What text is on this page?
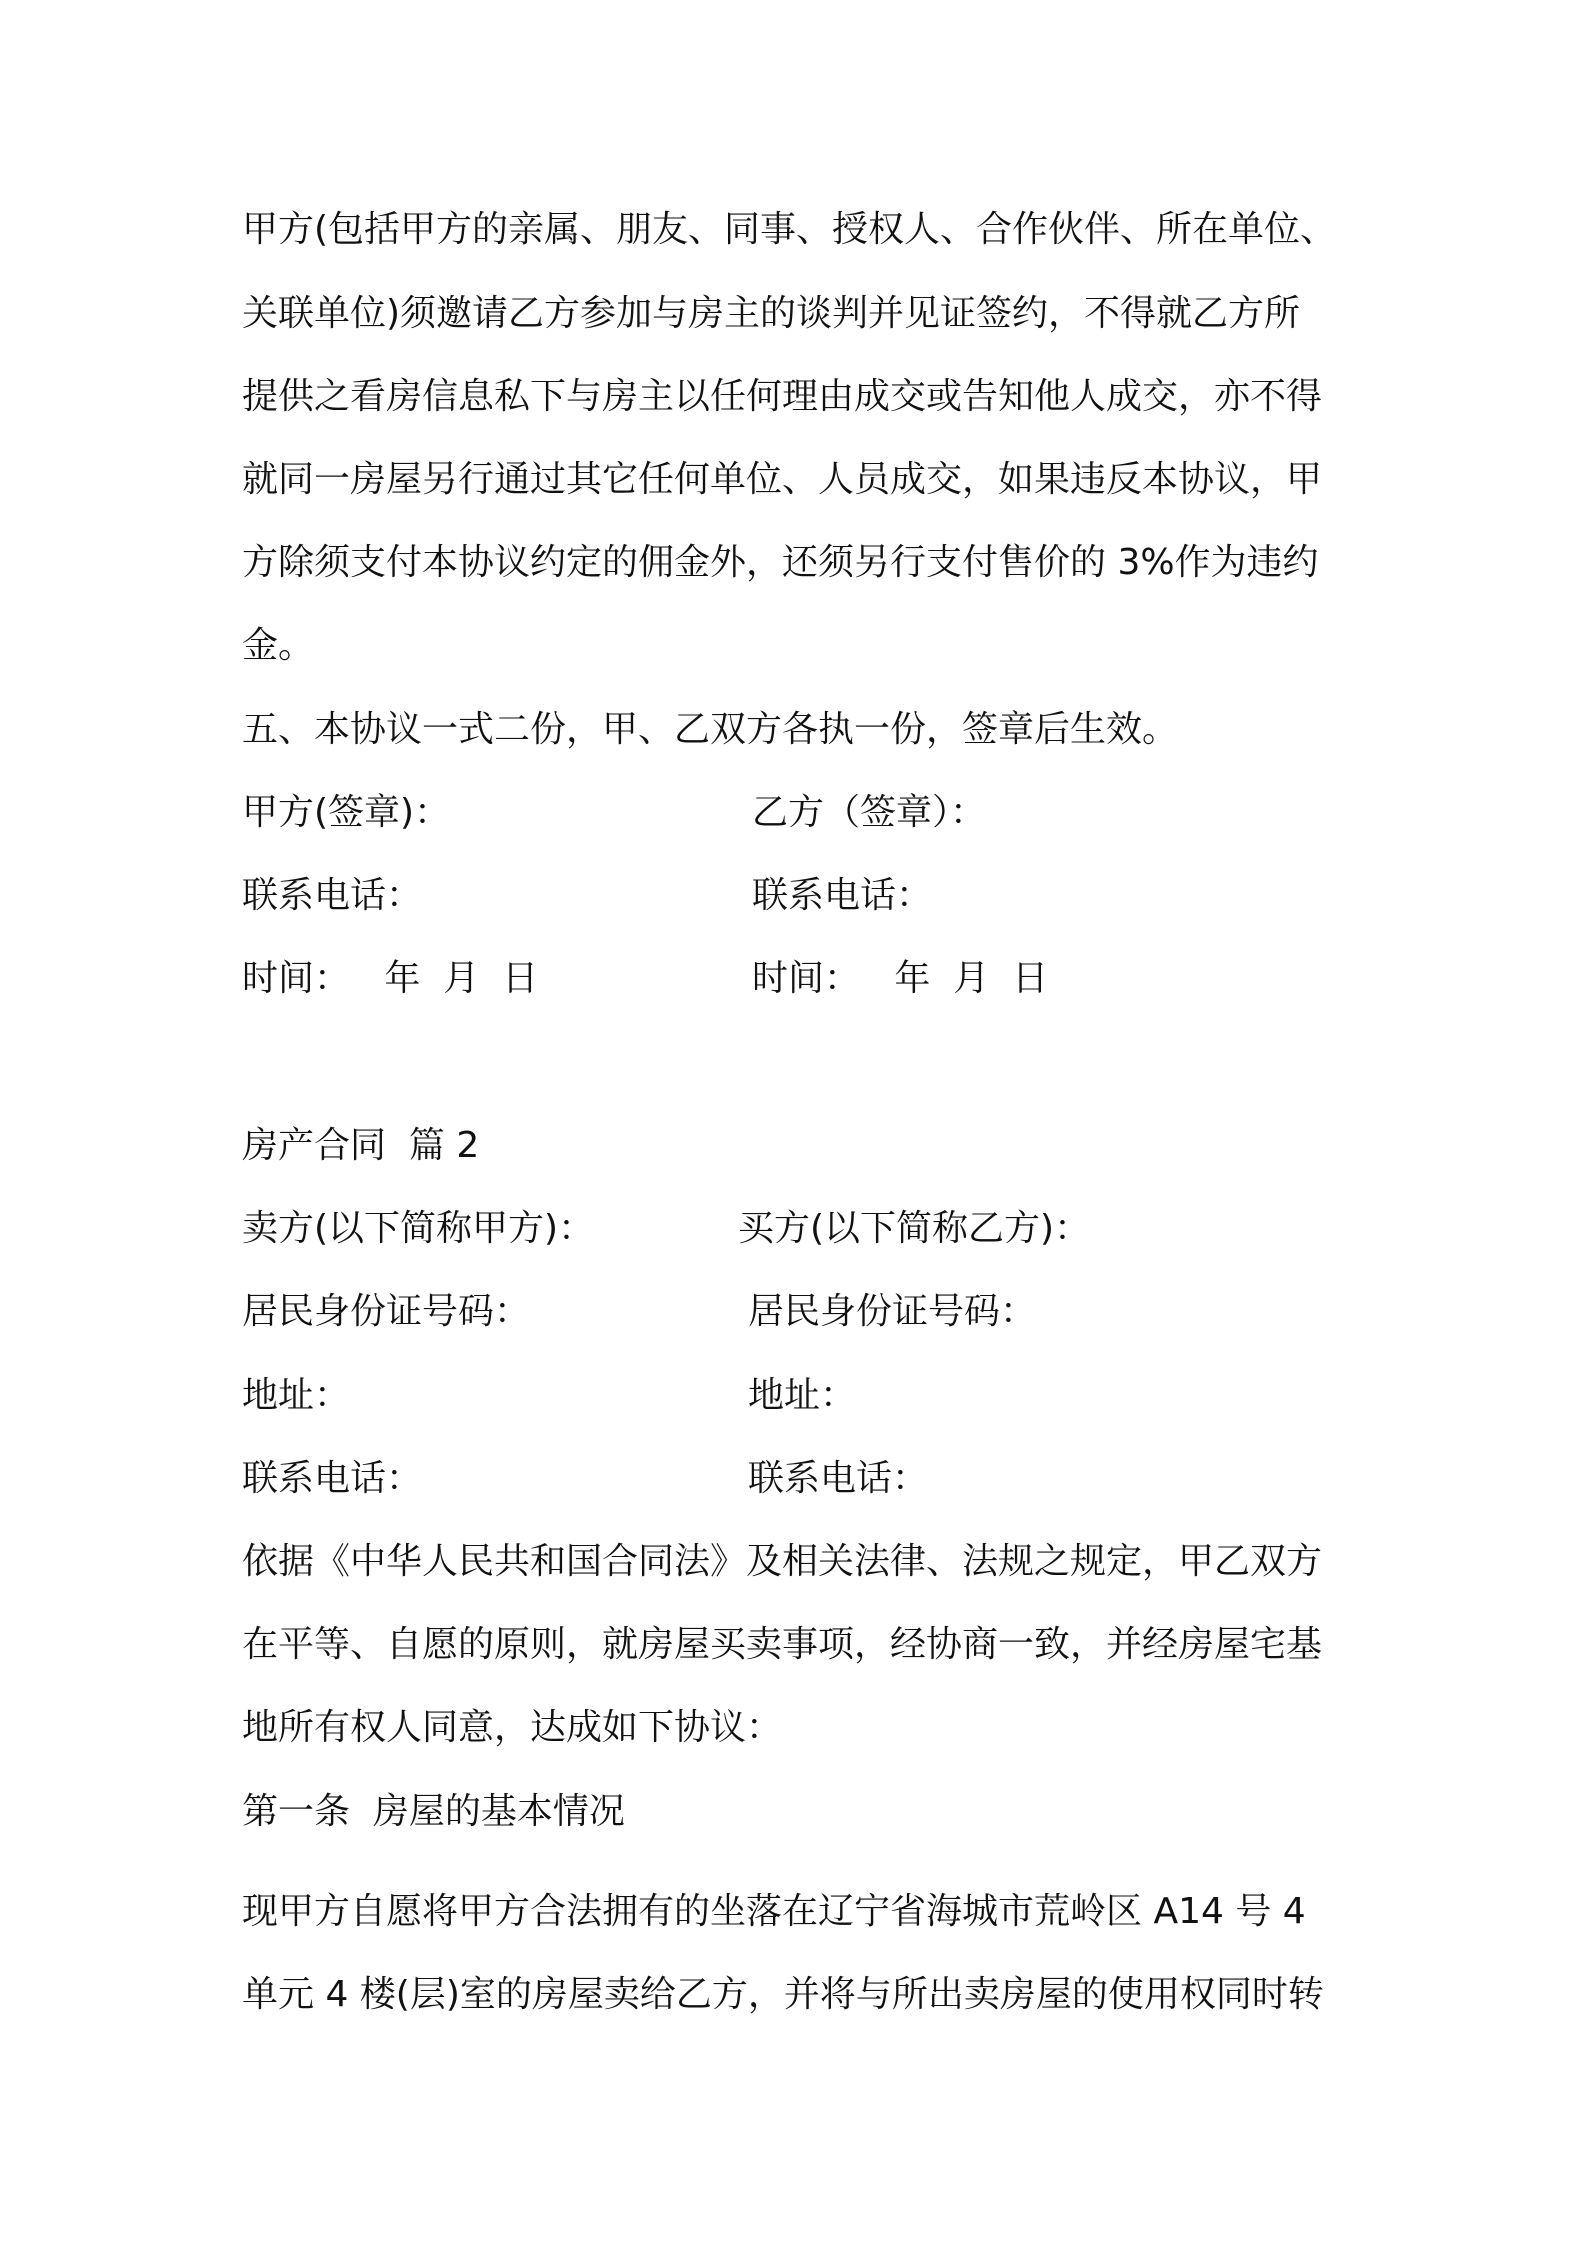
甲方(包括甲方的亲属、朋友、同事、授权人、合作伙伴、所在单位、
关联单位)须邀请乙方参加与房主的谈判并见证签约，不得就乙方所
提供之看房信息私下与房主以任何理由成交或告知他人成交，亦不得
就同一房屋另行通过其它任何单位、人员成交，如果违反本协议，甲
方除须支付本协议约定的佣金外，还须另行支付售价的 3%作为违约
金。
五、本协议一式二份，甲、乙双方各执一份，签章后生效。
甲方(签章)：	乙方（签章）：
联系电话：	联系电话：
时间：   年  月  日	时间：   年  月  日
房产合同  篇 2
卖方(以下简称甲方)：	买方(以下简称乙方)：
居民身份证号码：	居民身份证号码：
地址：	地址：
联系电话：	联系电话：
依据《中华人民共和国合同法》及相关法律、法规之规定，甲乙双方
在平等、自愿的原则，就房屋买卖事项，经协商一致，并经房屋宅基
地所有权人同意，达成如下协议：
第一条  房屋的基本情况
现甲方自愿将甲方合法拥有的坐落在辽宁省海城市荒岭区 A14 号 4
单元 4 楼(层)室的房屋卖给乙方，并将与所出卖房屋的使用权同时转
